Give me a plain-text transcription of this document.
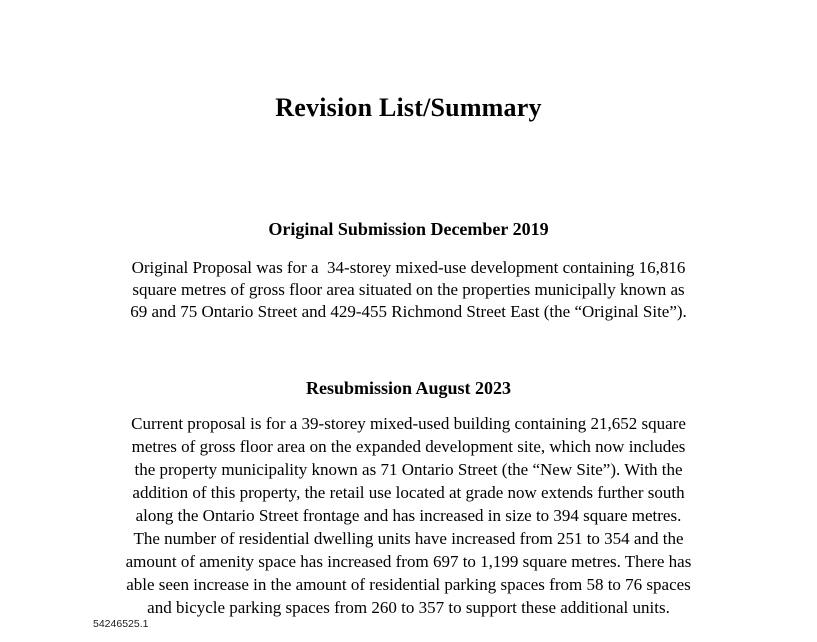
Revision List/Summary
Original Submission December 2019
Original Proposal was for a  34-storey mixed-use development containing 16,816
square metres of gross floor area situated on the properties municipally known as
69 and 75 Ontario Street and 429-455 Richmond Street East (the “Original Site”).
Resubmission August 2023
Current proposal is for a 39-storey mixed-used building containing 21,652 square
metres of gross floor area on the expanded development site, which now includes
the property municipality known as 71 Ontario Street (the “New Site”). With the
addition of this property, the retail use located at grade now extends further south
along the Ontario Street frontage and has increased in size to 394 square metres.
The number of residential dwelling units have increased from 251 to 354 and the
amount of amenity space has increased from 697 to 1,199 square metres. There has
able seen increase in the amount of residential parking spaces from 58 to 76 spaces
and bicycle parking spaces from 260 to 357 to support these additional units.
54246525.1
